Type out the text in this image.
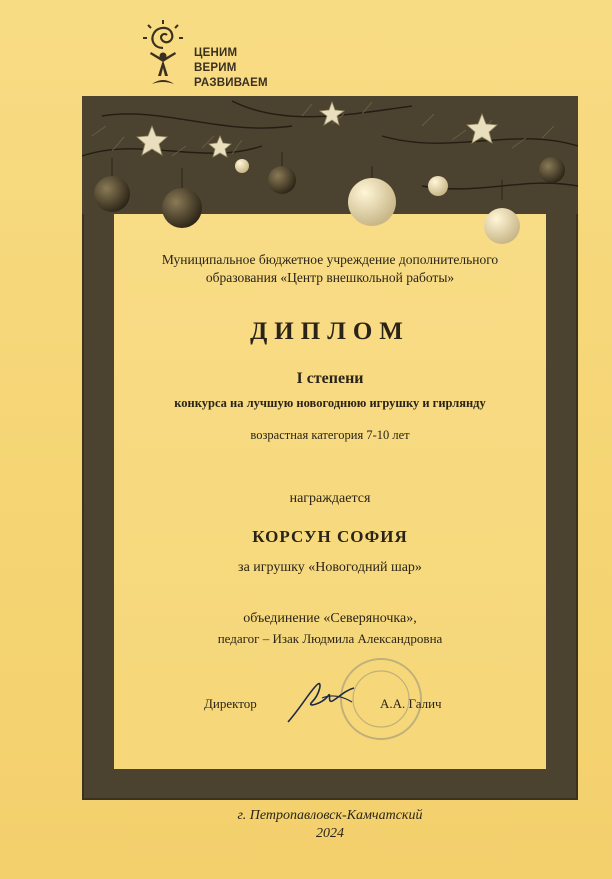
ЦЕНИМ
ВЕРИМ
РАЗВИВАЕМ
Муниципальное бюджетное учреждение дополнительного
образования «Центр внешкольной работы»
ДИПЛОМ
I степени
конкурса на лучшую новогоднюю игрушку и гирлянду
возрастная категория 7-10 лет
награждается
КОРСУН СОФИЯ
за игрушку «Новогодний шар»
объединение «Северяночка»,
педагог – Изак Людмила Александровна
Директор	А.А. Галич
г. Петропавловск-Камчатский
2024
